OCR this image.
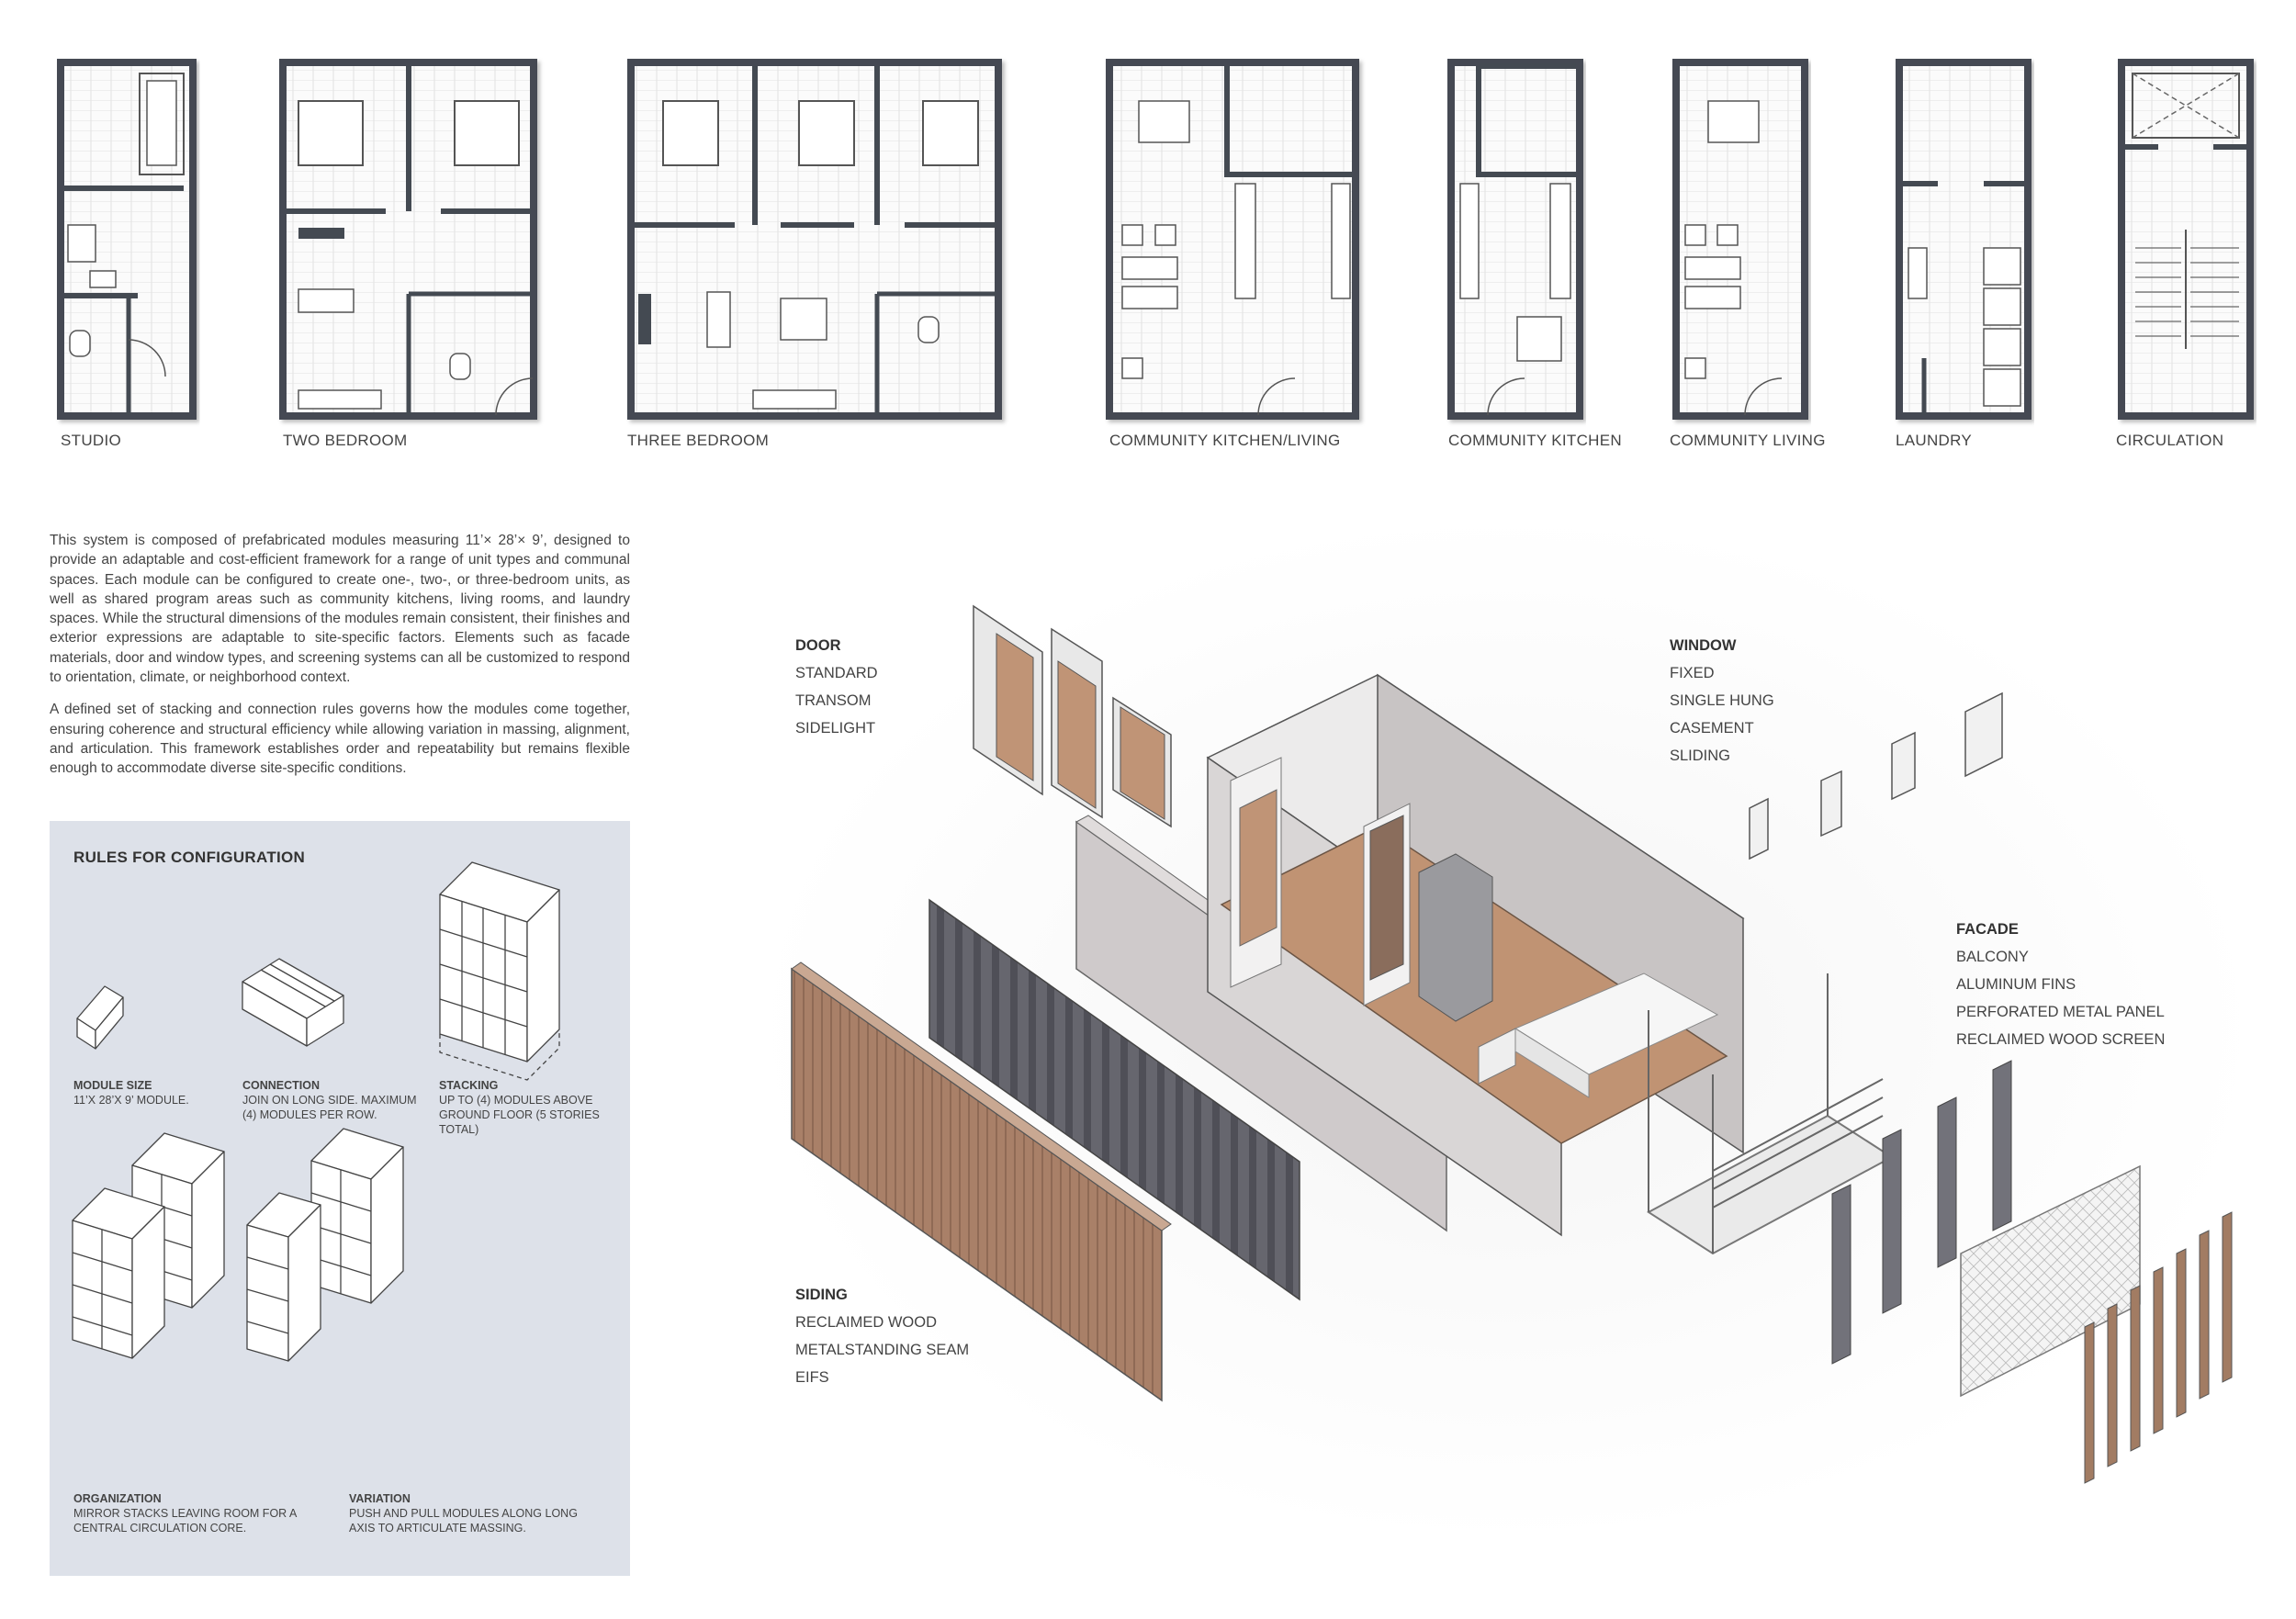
STUDIO	TWO BEDROOM	THREE BEDROOM	COMMUNITY KITCHEN/LIVING	COMMUNITY KITCHEN	COMMUNITY LIVING	LAUNDRY	CIRCULATION

This system is composed of prefabricated modules measuring 11’× 28’× 9’, designed to provide an adaptable and cost-efficient framework for a range of unit types and communal spaces. Each module can be configured to create one-, two-, or three-bedroom units, as well as shared program areas such as community kitchens, living rooms, and laundry spaces. While the structural dimensions of the modules remain consistent, their finishes and exterior expressions are adaptable to site-specific factors. Elements such as facade materials, door and window types, and screening systems can all be customized to respond to orientation, climate, or neighborhood context.

A defined set of stacking and connection rules governs how the modules come together, ensuring coherence and structural efficiency while allowing variation in massing, alignment, and articulation. This framework establishes order and repeatability but remains flexible enough to accommodate diverse site-specific conditions.

RULES FOR CONFIGURATION
MODULE SIZE
11’X 28’X 9’ MODULE.
CONNECTION
JOIN ON LONG SIDE. MAXIMUM (4) MODULES PER ROW.
STACKING
UP TO (4) MODULES ABOVE GROUND FLOOR (5 STORIES TOTAL)
ORGANIZATION
MIRROR STACKS LEAVING ROOM FOR A CENTRAL CIRCULATION CORE.
VARIATION
PUSH AND PULL MODULES ALONG LONG AXIS TO ARTICULATE MASSING.
DOOR
STANDARD
TRANSOM
SIDELIGHT
WINDOW
FIXED
SINGLE HUNG
CASEMENT
SLIDING
FACADE
BALCONY
ALUMINUM FINS
PERFORATED METAL PANEL
RECLAIMED WOOD SCREEN
SIDING
RECLAIMED WOOD
METALSTANDING SEAM
EIFS
